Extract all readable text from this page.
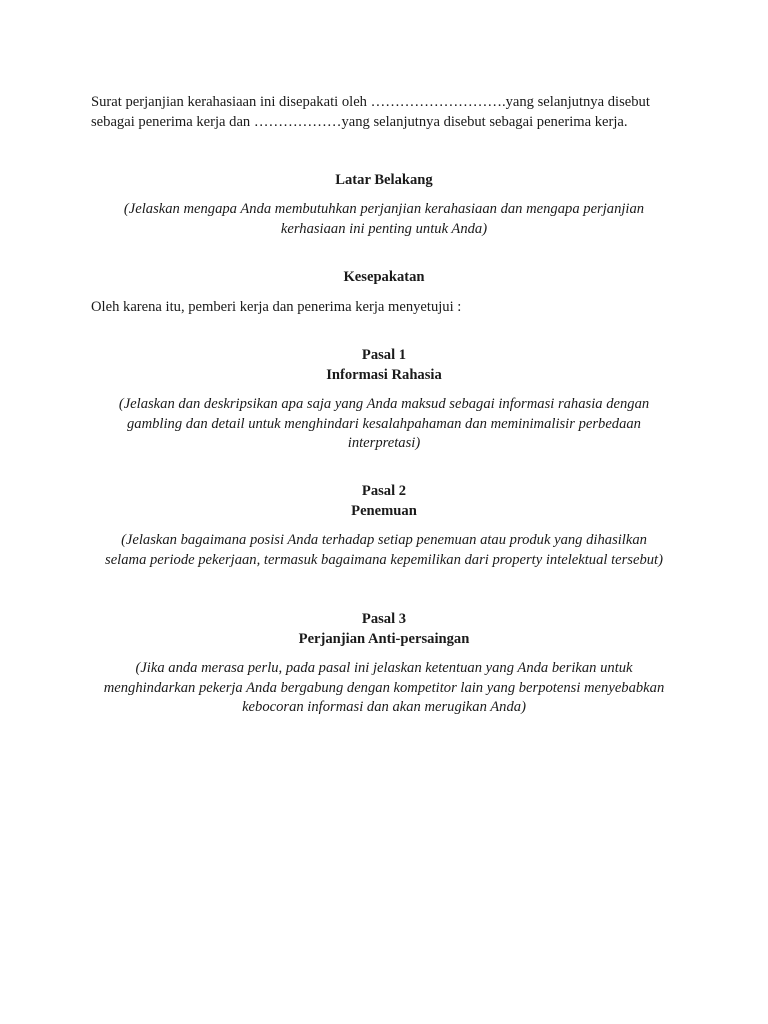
Surat perjanjian kerahasiaan ini disepakati oleh ……………………….yang selanjutnya disebut
sebagai penerima kerja dan ………………yang selanjutnya disebut sebagai penerima kerja.

Latar Belakang

(Jelaskan mengapa Anda membutuhkan perjanjian kerahasiaan dan mengapa perjanjian
kerhasiaan ini penting untuk Anda)

Kesepakatan

Oleh karena itu, pemberi kerja dan penerima kerja menyetujui :

Pasal 1
Informasi Rahasia

(Jelaskan dan deskripsikan apa saja yang Anda maksud sebagai informasi rahasia dengan
gambling dan detail untuk menghindari kesalahpahaman dan meminimalisir perbedaan
interpretasi)

Pasal 2
Penemuan

(Jelaskan bagaimana posisi Anda terhadap setiap penemuan atau produk yang dihasilkan
selama periode pekerjaan, termasuk bagaimana kepemilikan dari property intelektual tersebut)

Pasal 3
Perjanjian Anti-persaingan

(Jika anda merasa perlu, pada pasal ini jelaskan ketentuan yang Anda berikan untuk
menghindarkan pekerja Anda bergabung dengan kompetitor lain yang berpotensi menyebabkan
kebocoran informasi dan akan merugikan Anda)
